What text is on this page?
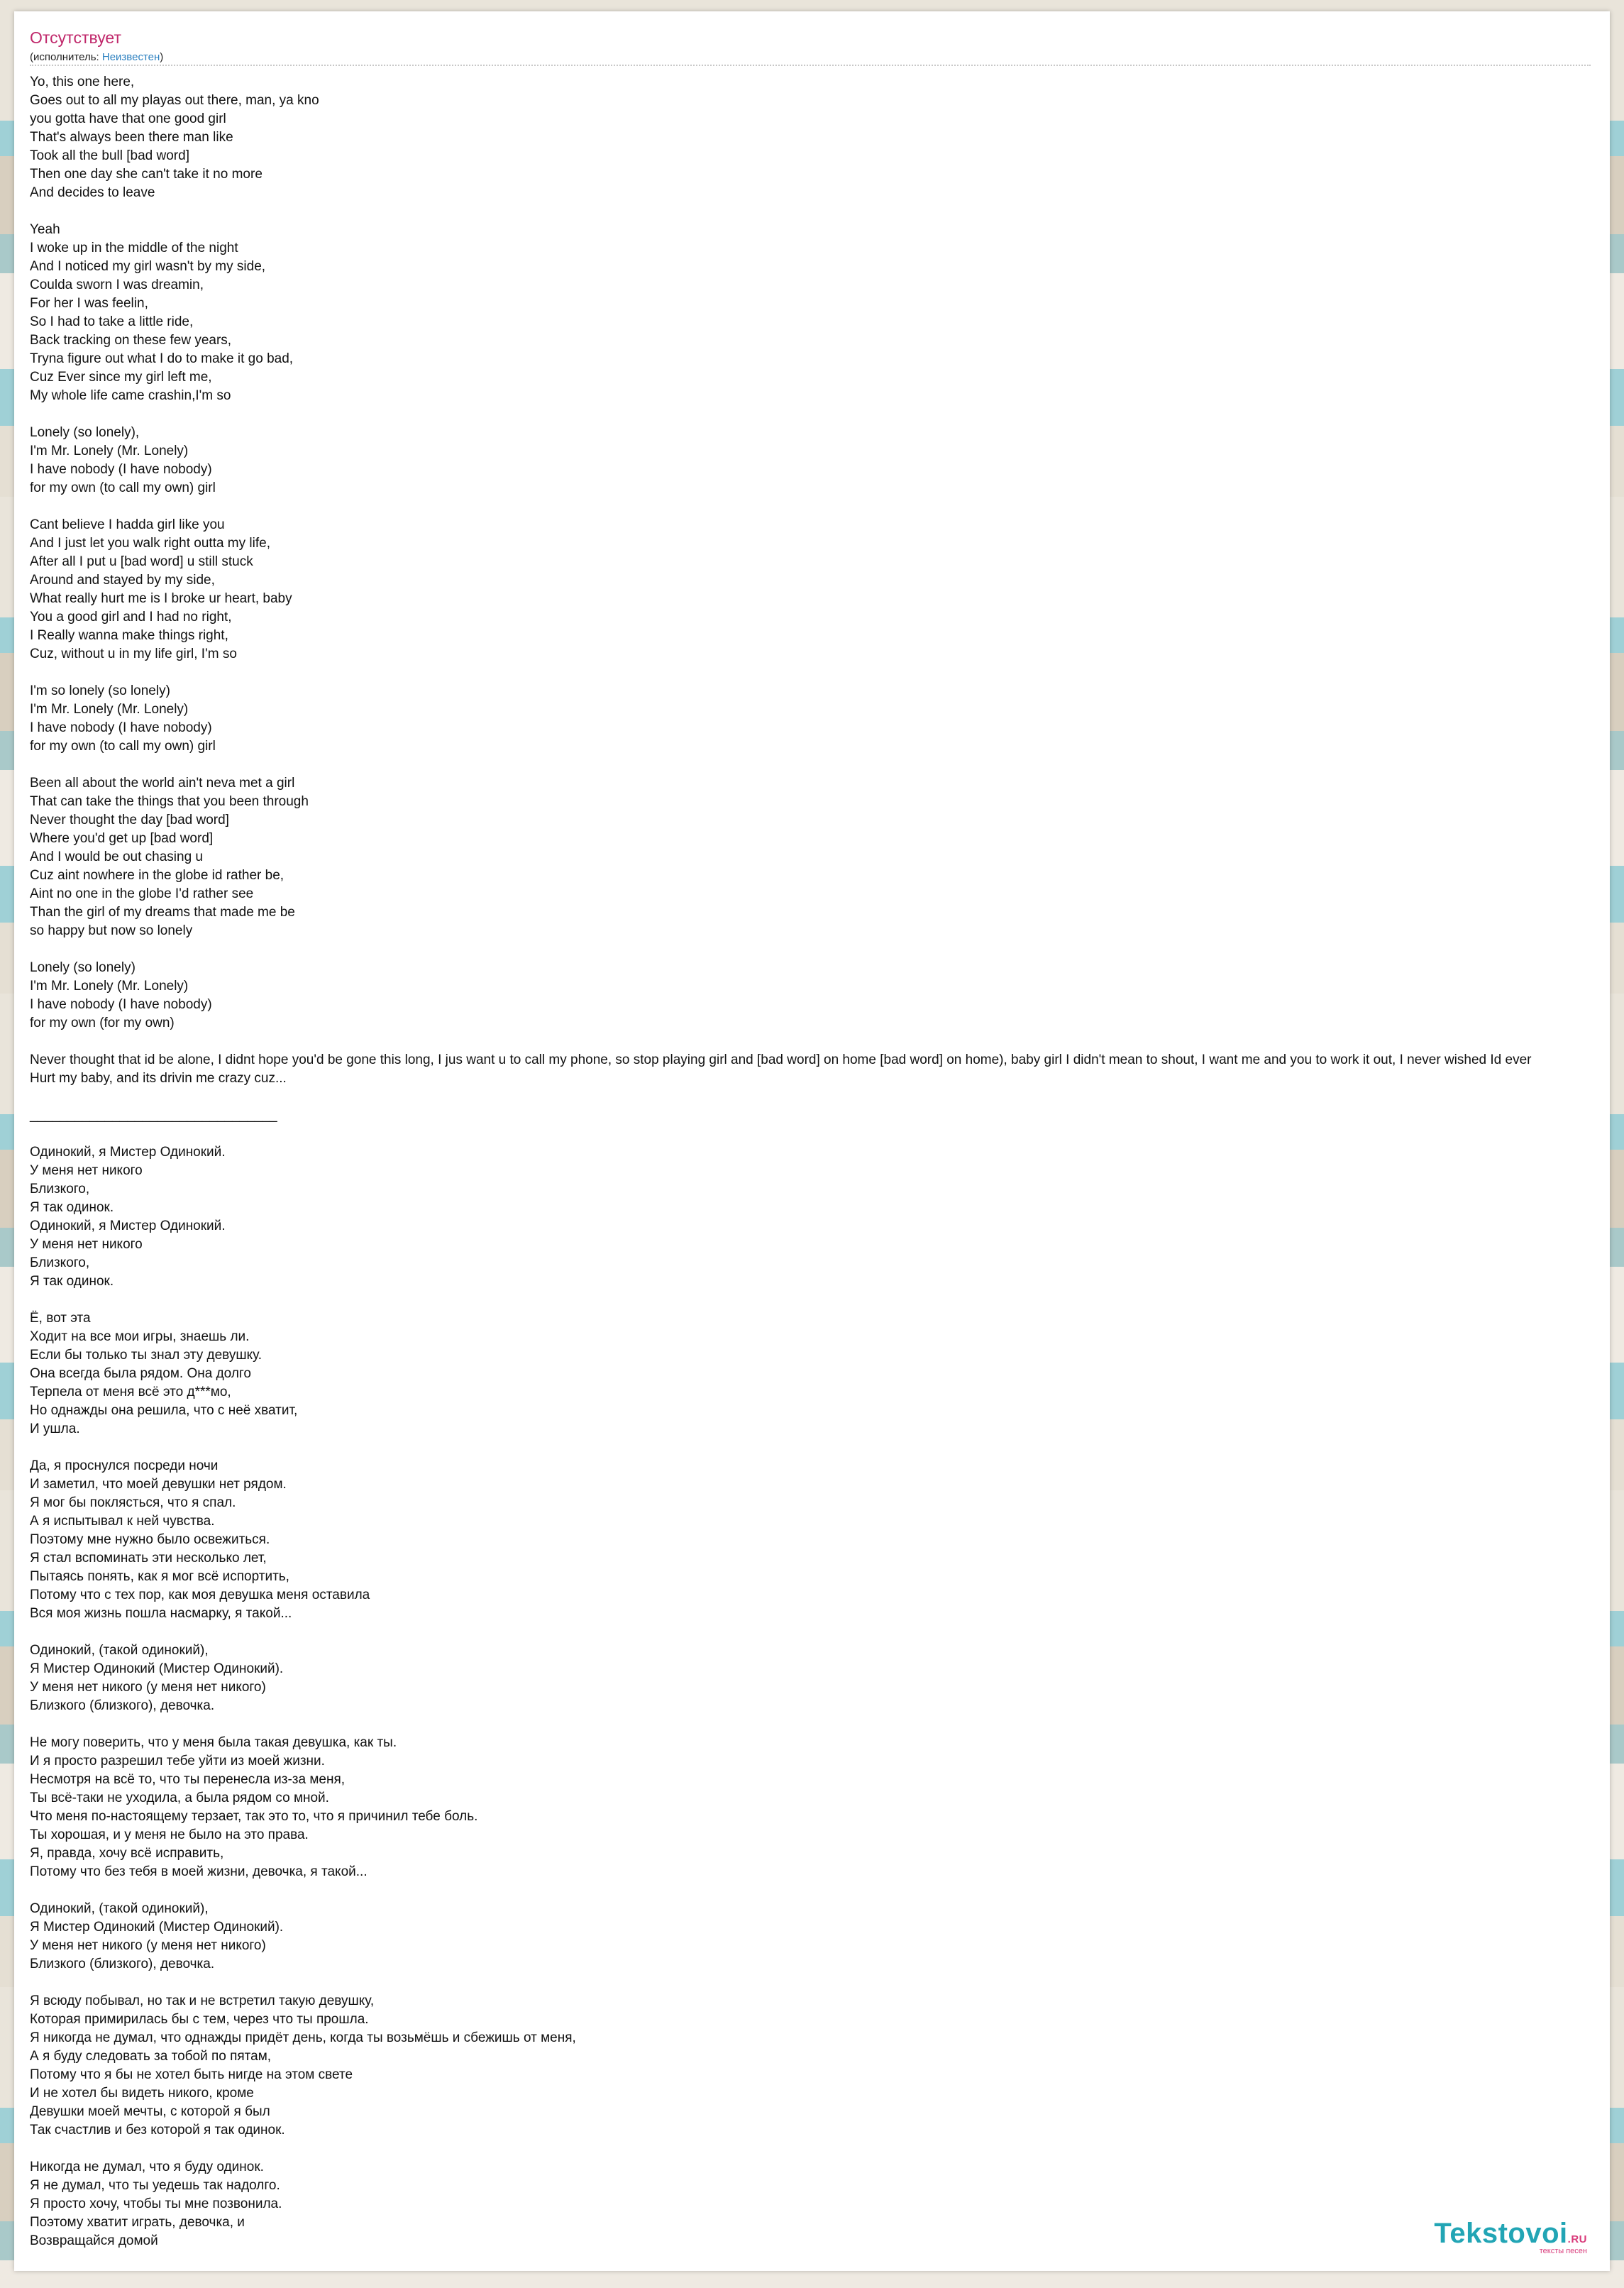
Отсутствует
(исполнитель: Неизвестен)
Yo, this one here,
Goes out to all my playas out there, man, ya kno
you gotta have that one good girl
That's always been there man like
Took all the bull [bad word]
Then one day she can't take it no more
And decides to leave

Yeah
I woke up in the middle of the night
And I noticed my girl wasn't by my side,
Coulda sworn I was dreamin,
For her I was feelin,
So I had to take a little ride,
Back tracking on these few years,
Tryna figure out what I do to make it go bad,
Cuz Ever since my girl left me,
My whole life came crashin,I'm so

Lonely (so lonely),
I'm Mr. Lonely (Mr. Lonely)
I have nobody (I have nobody)
for my own (to call my own) girl

Cant believe I hadda girl like you
And I just let you walk right outta my life,
After all I put u [bad word] u still stuck
Around and stayed by my side,
What really hurt me is I broke ur heart, baby
You a good girl and I had no right,
I Really wanna make things right,
Cuz, without u in my life girl, I'm so

I'm so lonely (so lonely)
I'm Mr. Lonely (Mr. Lonely)
I have nobody (I have nobody)
for my own (to call my own) girl

Been all about the world ain't neva met a girl
That can take the things that you been through
Never thought the day [bad word]
Where you'd get up [bad word]
And I would be out chasing u
Cuz aint nowhere in the globe id rather be,
Aint no one in the globe I'd rather see
Than the girl of my dreams that made me be
so happy but now so lonely

Lonely (so lonely)
I'm Mr. Lonely (Mr. Lonely)
I have nobody (I have nobody)
for my own (for my own)

Never thought that id be alone, I didnt hope you'd be gone this long, I jus want u to call my phone, so stop playing girl and [bad word] on home [bad word] on home), baby girl I didn't mean to shout, I want me and you to work it out, I never wished Id ever
Hurt my baby, and its drivin me crazy cuz...

_________________________________

Одинокий, я Мистер Одинокий.
У меня нет никого
Близкого,
Я так одинок.
Одинокий, я Мистер Одинокий.
У меня нет никого
Близкого,
Я так одинок.

Ё, вот эта
Ходит на все мои игры, знаешь ли.
Если бы только ты знал эту девушку.
Она всегда была рядом. Она долго
Терпела от меня всё это д***мо,
Но однажды она решила, что с неё хватит,
И ушла.

Да, я проснулся посреди ночи
И заметил, что моей девушки нет рядом.
Я мог бы поклясться, что я спал.
А я испытывал к ней чувства.
Поэтому мне нужно было освежиться.
Я стал вспоминать эти несколько лет,
Пытаясь понять, как я мог всё испортить,
Потому что с тех пор, как моя девушка меня оставила
Вся моя жизнь пошла насмарку, я такой...

Одинокий, (такой одинокий),
Я Мистер Одинокий (Мистер Одинокий).
У меня нет никого (у меня нет никого)
Близкого (близкого), девочка.

Не могу поверить, что у меня была такая девушка, как ты.
И я просто разрешил тебе уйти из моей жизни.
Несмотря на всё то, что ты перенесла из-за меня,
Ты всё-таки не уходила, а была рядом со мной.
Что меня по-настоящему терзает, так это то, что я причинил тебе боль.
Ты хорошая, и у меня не было на это права.
Я, правда, хочу всё исправить,
Потому что без тебя в моей жизни, девочка, я такой...

Одинокий, (такой одинокий),
Я Мистер Одинокий (Мистер Одинокий).
У меня нет никого (у меня нет никого)
Близкого (близкого), девочка.

Я всюду побывал, но так и не встретил такую девушку,
Которая примирилась бы с тем, через что ты прошла.
Я никогда не думал, что однажды придёт день, когда ты возьмёшь и сбежишь от меня,
А я буду следовать за тобой по пятам,
Потому что я бы не хотел быть нигде на этом свете
И не хотел бы видеть никого, кроме
Девушки моей мечты, с которой я был
Так счастлив и без которой я так одинок.

Никогда не думал, что я буду одинок.
Я не думал, что ты уедешь так надолго.
Я просто хочу, чтобы ты мне позвонила.
Поэтому хватит играть, девочка, и
Возвращайся домой	Tekstovoi.RU
тексты песен
